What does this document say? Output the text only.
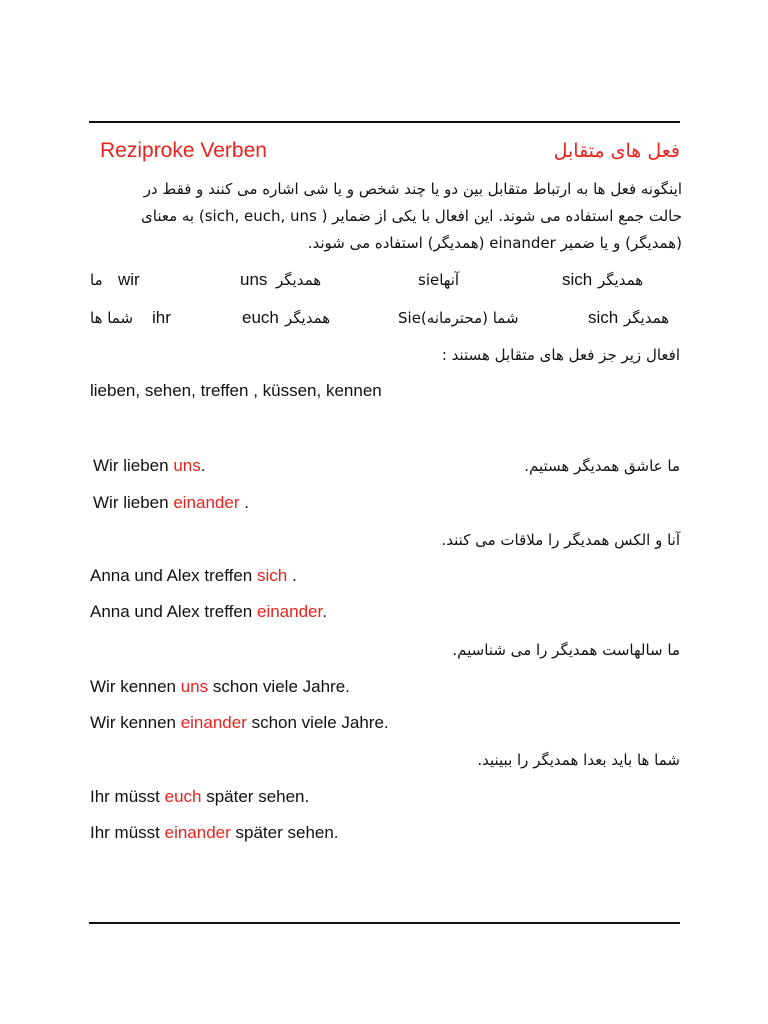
Reziproke Verben	فعل های متقابل
اینگونه فعل ها به ارتباط متقابل بین دو یا چند شخص و یا شی اشاره می کنند و فقط در
حالت جمع استفاده می شوند. این افعال با یکی از ضمایر ( sich, euch, uns) به معنای
(همدیگر) و یا ضمیر einander (همدیگر) استفاده می شوند.
ما wir	uns همدیگر	آنهاsie	sich همدیگر
شما ها ihr	euch همدیگر	شما (محترمانه)Sie	sich همدیگر
افعال زیر جز فعل های متقابل هستند :
lieben, sehen, treffen , küssen, kennen
Wir lieben uns.	ما عاشق همدیگر هستیم.
Wir lieben einander .
آنا و الکس همدیگر را ملاقات می کنند.
Anna und Alex treffen sich .
Anna und Alex treffen einander.
ما سالهاست همدیگر را می شناسیم.
Wir kennen uns schon viele Jahre.
Wir kennen einander schon viele Jahre.
شما ها باید بعدا همدیگر را ببینید.
Ihr müsst euch später sehen.
Ihr müsst einander später sehen.
